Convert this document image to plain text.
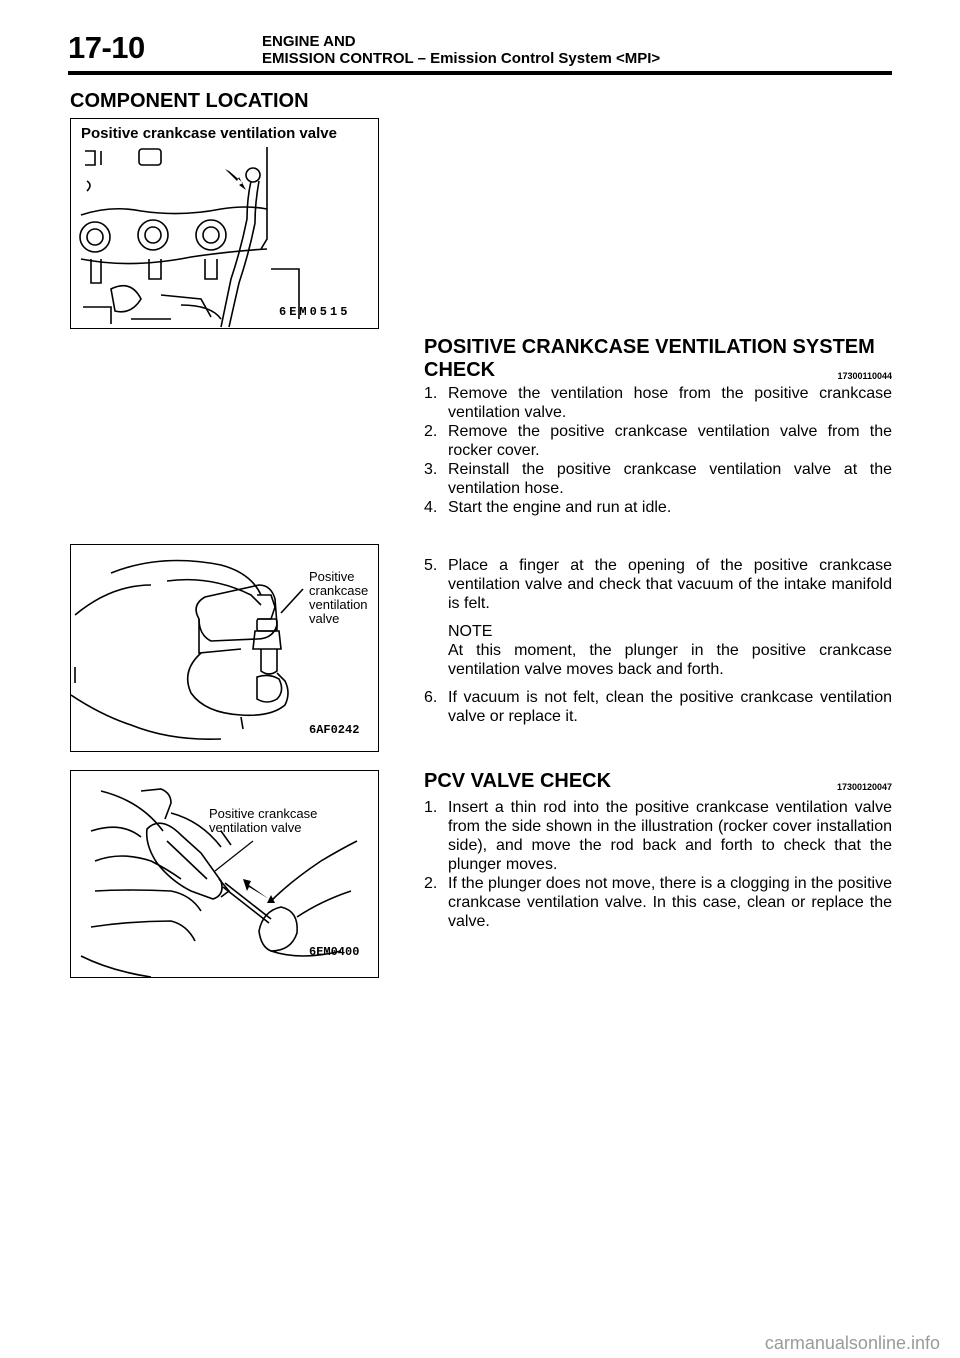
17-10	ENGINE AND
EMISSION CONTROL – Emission Control System <MPI>
COMPONENT LOCATION
Positive crankcase ventilation valve
6EM0515
POSITIVE CRANKCASE VENTILATION SYSTEM
CHECK	17300110044
1. Remove the ventilation hose from the positive crankcase ventilation valve.
2. Remove the positive crankcase ventilation valve from the rocker cover.
3. Reinstall the positive crankcase ventilation valve at the ventilation hose.
4. Start the engine and run at idle.
Positive
crankcase
ventilation
valve
6AF0242
5. Place a finger at the opening of the positive crankcase ventilation valve and check that vacuum of the intake manifold is felt.
NOTE
At this moment, the plunger in the positive crankcase ventilation valve moves back and forth.
6. If vacuum is not felt, clean the positive crankcase ventilation valve or replace it.
Positive crankcase
ventilation valve
6EM0400
PCV VALVE CHECK	17300120047
1. Insert a thin rod into the positive crankcase ventilation valve from the side shown in the illustration (rocker cover installation side), and move the rod back and forth to check that the plunger moves.
2. If the plunger does not move, there is a clogging in the positive crankcase ventilation valve. In this case, clean or replace the valve.
carmanualsonline.info
